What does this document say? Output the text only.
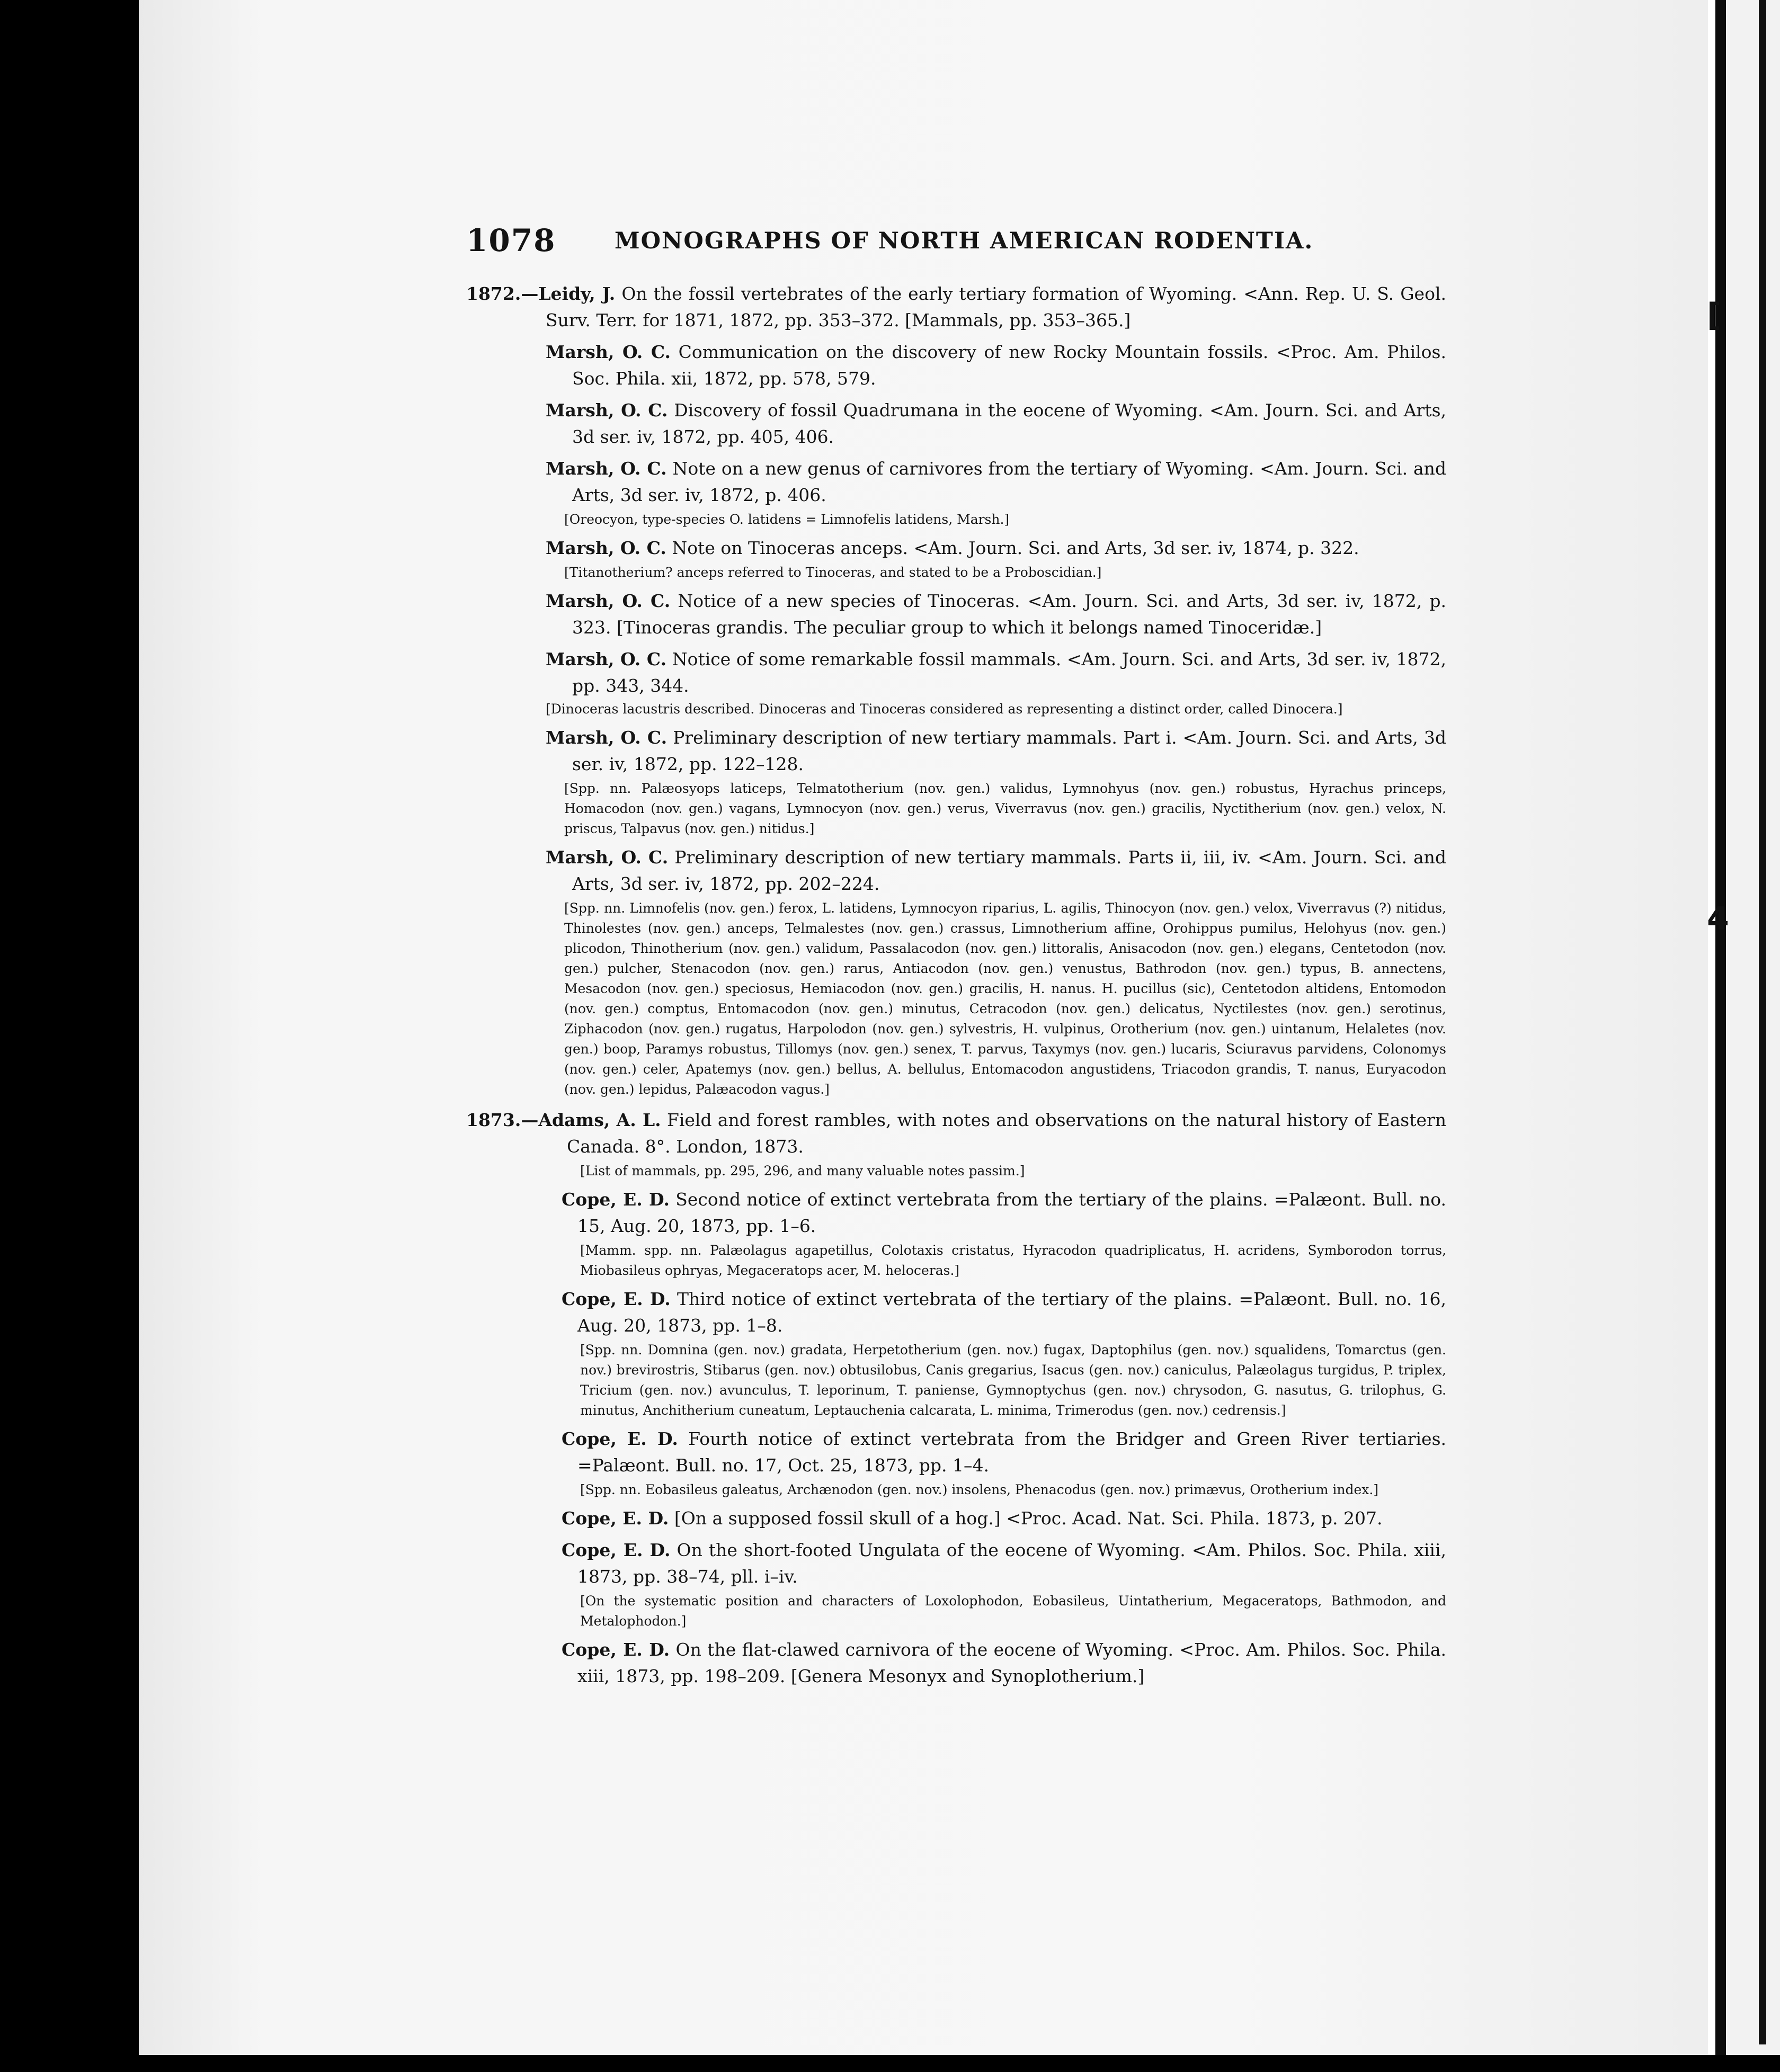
[
4
1078	MONOGRAPHS OF NORTH AMERICAN RODENTIA.
1872.—Leidy, J. On the fossil vertebrates of the early tertiary formation of Wyoming. <Ann. Rep. U. S. Geol. Surv. Terr. for 1871, 1872, pp. 353–372. [Mammals, pp. 353–365.]
Marsh, O. C. Communication on the discovery of new Rocky Mountain fossils. <Proc. Am. Philos. Soc. Phila. xii, 1872, pp. 578, 579.
Marsh, O. C. Discovery of fossil Quadrumana in the eocene of Wyoming. <Am. Journ. Sci. and Arts, 3d ser. iv, 1872, pp. 405, 406.
Marsh, O. C. Note on a new genus of carnivores from the tertiary of Wyoming. <Am. Journ. Sci. and Arts, 3d ser. iv, 1872, p. 406.
[Oreocyon, type-species O. latidens = Limnofelis latidens, Marsh.]
Marsh, O. C. Note on Tinoceras anceps. <Am. Journ. Sci. and Arts, 3d ser. iv, 1874, p. 322.
[Titanotherium? anceps referred to Tinoceras, and stated to be a Proboscidian.]
Marsh, O. C. Notice of a new species of Tinoceras. <Am. Journ. Sci. and Arts, 3d ser. iv, 1872, p. 323. [Tinoceras grandis. The peculiar group to which it belongs named Tinoceridæ.]
Marsh, O. C. Notice of some remarkable fossil mammals. <Am. Journ. Sci. and Arts, 3d ser. iv, 1872, pp. 343, 344.
[Dinoceras lacustris described. Dinoceras and Tinoceras considered as representing a distinct order, called Dinocera.]
Marsh, O. C. Preliminary description of new tertiary mammals. Part i. <Am. Journ. Sci. and Arts, 3d ser. iv, 1872, pp. 122–128.
[Spp. nn. Palæosyops laticeps, Telmatotherium (nov. gen.) validus, Lymnohyus (nov. gen.) robustus, Hyrachus princeps, Homacodon (nov. gen.) vagans, Lymnocyon (nov. gen.) verus, Viverravus (nov. gen.) gracilis, Nyctitherium (nov. gen.) velox, N. priscus, Talpavus (nov. gen.) nitidus.]
Marsh, O. C. Preliminary description of new tertiary mammals. Parts ii, iii, iv. <Am. Journ. Sci. and Arts, 3d ser. iv, 1872, pp. 202–224.
[Spp. nn. Limnofelis (nov. gen.) ferox, L. latidens, Lymnocyon riparius, L. agilis, Thinocyon (nov. gen.) velox, Viverravus (?) nitidus, Thinolestes (nov. gen.) anceps, Telmalestes (nov. gen.) crassus, Limnotherium affine, Orohippus pumilus, Helohyus (nov. gen.) plicodon, Thinotherium (nov. gen.) validum, Passalacodon (nov. gen.) littoralis, Anisacodon (nov. gen.) elegans, Centetodon (nov. gen.) pulcher, Stenacodon (nov. gen.) rarus, Antiacodon (nov. gen.) venustus, Bathrodon (nov. gen.) typus, B. annectens, Mesacodon (nov. gen.) speciosus, Hemiacodon (nov. gen.) gracilis, H. nanus. H. pucillus (sic), Centetodon altidens, Entomodon (nov. gen.) comptus, Entomacodon (nov. gen.) minutus, Cetracodon (nov. gen.) delicatus, Nyctilestes (nov. gen.) serotinus, Ziphacodon (nov. gen.) rugatus, Harpolodon (nov. gen.) sylvestris, H. vulpinus, Orotherium (nov. gen.) uintanum, Helaletes (nov. gen.) boop, Paramys robustus, Tillomys (nov. gen.) senex, T. parvus, Taxymys (nov. gen.) lucaris, Sciuravus parvidens, Colonomys (nov. gen.) celer, Apatemys (nov. gen.) bellus, A. bellulus, Entomacodon angustidens, Triacodon grandis, T. nanus, Euryacodon (nov. gen.) lepidus, Palæacodon vagus.]
1873.—Adams, A. L. Field and forest rambles, with notes and observations on the natural history of Eastern Canada. 8°. London, 1873.
[List of mammals, pp. 295, 296, and many valuable notes passim.]
Cope, E. D. Second notice of extinct vertebrata from the tertiary of the plains. =Palæont. Bull. no. 15, Aug. 20, 1873, pp. 1–6.
[Mamm. spp. nn. Palæolagus agapetillus, Colotaxis cristatus, Hyracodon quadriplicatus, H. acridens, Symborodon torrus, Miobasileus ophryas, Megaceratops acer, M. heloceras.]
Cope, E. D. Third notice of extinct vertebrata of the tertiary of the plains. =Palæont. Bull. no. 16, Aug. 20, 1873, pp. 1–8.
[Spp. nn. Domnina (gen. nov.) gradata, Herpetotherium (gen. nov.) fugax, Daptophilus (gen. nov.) squalidens, Tomarctus (gen. nov.) brevirostris, Stibarus (gen. nov.) obtusilobus, Canis gregarius, Isacus (gen. nov.) caniculus, Palæolagus turgidus, P. triplex, Tricium (gen. nov.) avunculus, T. leporinum, T. paniense, Gymnoptychus (gen. nov.) chrysodon, G. nasutus, G. trilophus, G. minutus, Anchitherium cuneatum, Leptauchenia calcarata, L. minima, Trimerodus (gen. nov.) cedrensis.]
Cope, E. D. Fourth notice of extinct vertebrata from the Bridger and Green River tertiaries. =Palæont. Bull. no. 17, Oct. 25, 1873, pp. 1–4.
[Spp. nn. Eobasileus galeatus, Archænodon (gen. nov.) insolens, Phenacodus (gen. nov.) primævus, Orotherium index.]
Cope, E. D. [On a supposed fossil skull of a hog.] <Proc. Acad. Nat. Sci. Phila. 1873, p. 207.
Cope, E. D. On the short-footed Ungulata of the eocene of Wyoming. <Am. Philos. Soc. Phila. xiii, 1873, pp. 38–74, pll. i–iv.
[On the systematic position and characters of Loxolophodon, Eobasileus, Uintatherium, Megaceratops, Bathmodon, and Metalophodon.]
Cope, E. D. On the flat-clawed carnivora of the eocene of Wyoming. <Proc. Am. Philos. Soc. Phila. xiii, 1873, pp. 198–209. [Genera Mesonyx and Synoplotherium.]
